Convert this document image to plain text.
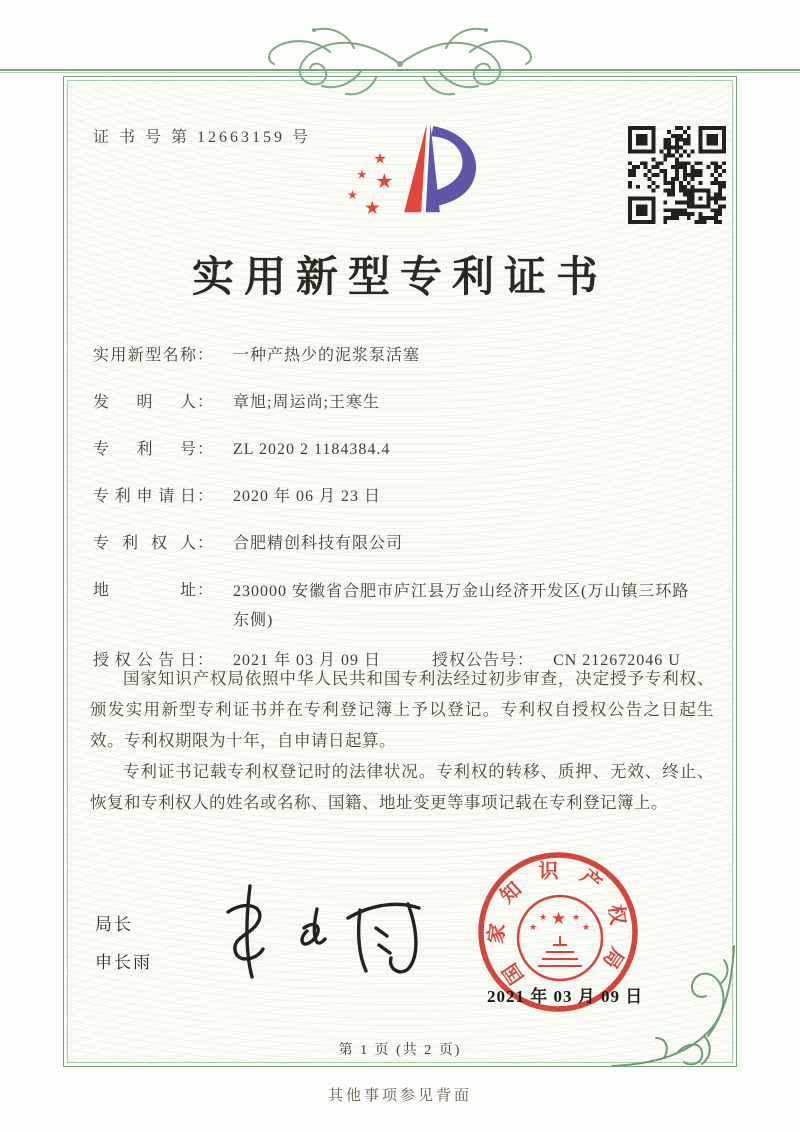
证 书 号 第 12663159 号
★
★ ★
★
★
实用新型专利证书
实用新型名称： 一种产热少的泥浆泵活塞
发明人： 章旭;周运尚;王寒生
专利号： ZL 2020 2 1184384.4
专利申请日： 2020 年 06 月 23 日
专利权人： 合肥精创科技有限公司
地址： 230000 安徽省合肥市庐江县万金山经济开发区(万山镇三环路东侧)
授权公告日： 2021 年 03 月 09 日	授权公告号： CN 212672046 U

国家知识产权局依照中华人民共和国专利法经过初步审查，决定授予专利权、颁发实用新型专利证书并在专利登记簿上予以登记。专利权自授权公告之日起生效。专利权期限为十年，自申请日起算。

专利证书记载专利权登记时的法律状况。专利权的转移、质押、无效、终止、恢复和专利权人的姓名或名称、国籍、地址变更等事项记载在专利登记簿上。

局长
申长雨	国家知识产权局
★
★
★	★
★
2021 年 03 月 09 日
第 1 页 (共 2 页)
其他事项参见背面
